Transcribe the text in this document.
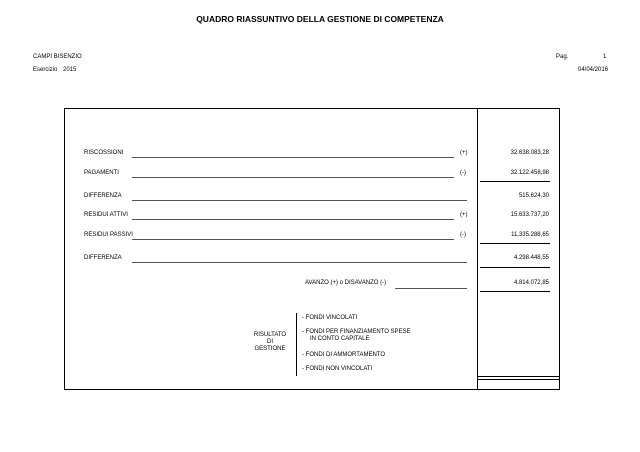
QUADRO RIASSUNTIVO DELLA GESTIONE DI COMPETENZA
CAMPI BISENZIO	Pag.	1
Esercizio 2015	04/04/2016
RISCOSSIONI	(+)	32.638.083,28
PAGAMENTI	(-)	32.122.458,98
DIFFERENZA	515.624,30
RESIDUI ATTIVI	(+)	15.633.737,20
RESIDUI PASSIVI	(-)	11.335.288,65
DIFFERENZA	4.298.448,55
AVANZO (+) o DISAVANZO (-)	4.814.072,85
RISULTATO
DI
GESTIONE
- FONDI VINCOLATI
- FONDI PER FINANZIAMENTO SPESE
IN CONTO CAPITALE
- FONDI DI AMMORTAMENTO
- FONDI NON VINCOLATI
